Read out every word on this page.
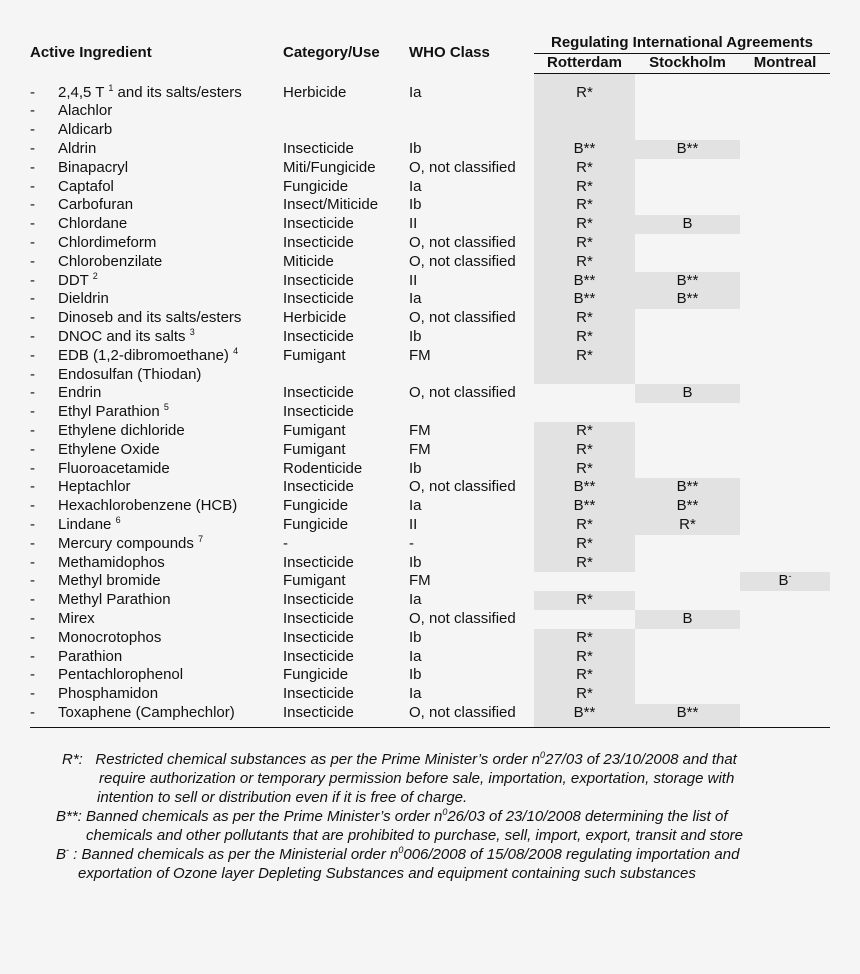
Active Ingredient		Category/Use	WHO Class	Regulating International Agreements		
				Rotterdam	Stockholm	Montreal

-	2,4,5 T $^1$ and its salts/esters	Herbicide	Ia	R*		
-	Alachlor					
-	Aldicarb					
-	Aldrin	Insecticide	Ib	B**	B**	
-	Binapacryl	Miti/Fungicide	O, not classified	R*		
-	Captafol	Fungicide	Ia	R*		
-	Carbofuran	Insect/Miticide	Ib	R*		
-	Chlordane	Insecticide	II	R*	B	
-	Chlordimeform	Insecticide	O, not classified	R*		
-	Chlorobenzilate	Miticide	O, not classified	R*		
-	DDT $^2$	Insecticide	II	B**	B**	
-	Dieldrin	Insecticide	Ia	B**	B**	
-	Dinoseb and its salts/esters	Herbicide	O, not classified	R*		
-	DNOC and its salts $^3$	Insecticide	Ib	R*		
-	EDB (1,2-dibromoethane) $^4$	Fumigant	FM	R*		
-	Endosulfan (Thiodan)					
-	Endrin	Insecticide	O, not classified		B	
-	Ethyl Parathion $^5$	Insecticide				
-	Ethylene dichloride	Fumigant	FM	R*		
-	Ethylene Oxide	Fumigant	FM	R*		
-	Fluoroacetamide	Rodenticide	Ib	R*		
-	Heptachlor	Insecticide	O, not classified	B**	B**	
-	Hexachlorobenzene (HCB)	Fungicide	Ia	B**	B**	
-	Lindane $^6$	Fungicide	II	R*	R*	
-	Mercury compounds $^7$	-	-	R*		
-	Methamidophos	Insecticide	Ib	R*		
-	Methyl bromide	Fumigant	FM			B-
-	Methyl Parathion	Insecticide	Ia	R*		
-	Mirex	Insecticide	O, not classified		B	
-	Monocrotophos	Insecticide	Ib	R*		
-	Parathion	Insecticide	Ia	R*		
-	Pentachlorophenol	Fungicide	Ib	R*		
-	Phosphamidon	Insecticide	Ia	R*		
-	Toxaphene (Camphechlor)	Insecticide	O, not classified	B**	B**	

R*: Restricted chemical substances as per the Prime Minister’s order $n^027/03$ of 23/10/2008 and that

require authorization or temporary permission before sale, importation, exportation, storage with

intention to sell or distribution even if it is free of charge.

B**: Banned chemicals as per the Prime Minister’s order $n^026/03$ of 23/10/2008 determining the list of

chemicals and other pollutants that are prohibited to purchase, sell, import, export, transit and store

B- : Banned chemicals as per the Ministerial order $n^0006/2008$ of 15/08/2008 regulating importation and

exportation of Ozone layer Depleting Substances and equipment containing such substances
